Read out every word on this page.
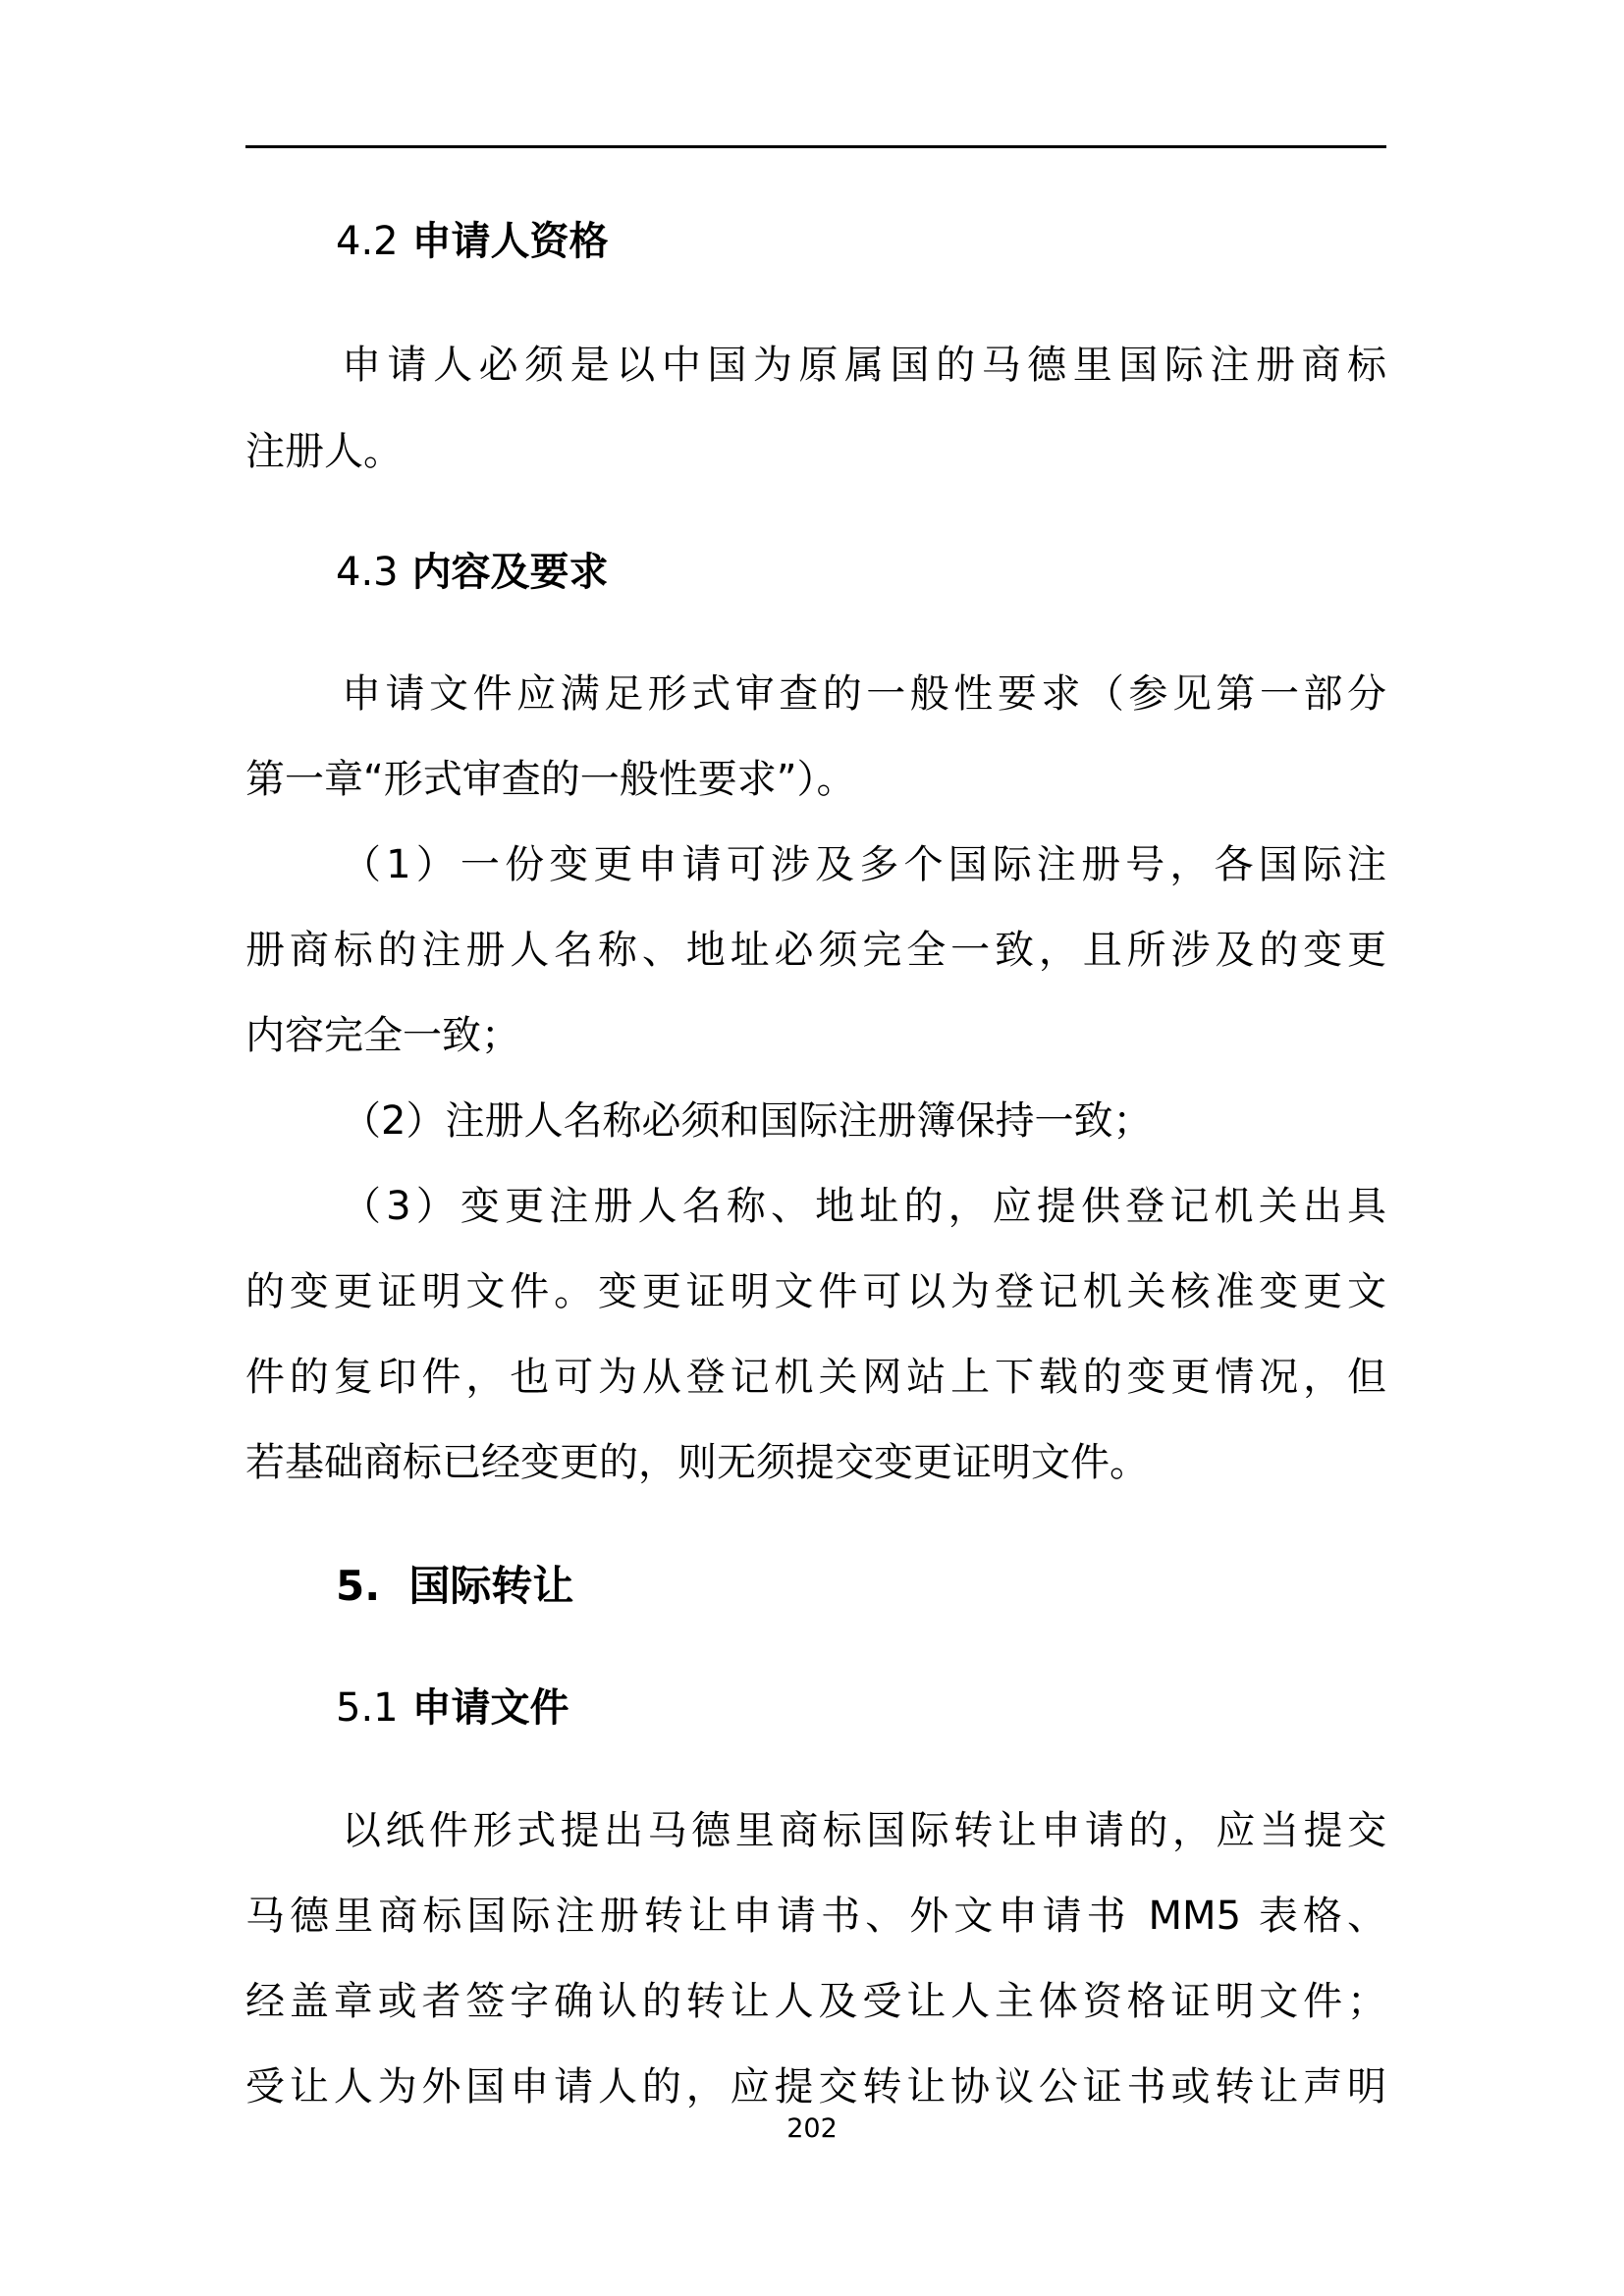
4.2 申请人资格
申请人必须是以中国为原属国的马德里国际注册商标
注册人。
4.3 内容及要求
申请文件应满足形式审查的一般性要求（参见第一部分
第一章“形式审查的一般性要求”）。
（1）一份变更申请可涉及多个国际注册号，各国际注
册商标的注册人名称、地址必须完全一致，且所涉及的变更
内容完全一致；
（2）注册人名称必须和国际注册簿保持一致；
（3）变更注册人名称、地址的，应提供登记机关出具
的变更证明文件。变更证明文件可以为登记机关核准变更文
件的复印件，也可为从登记机关网站上下载的变更情况，但
若基础商标已经变更的，则无须提交变更证明文件。
5.  国际转让
5.1 申请文件
以纸件形式提出马德里商标国际转让申请的，应当提交
马德里商标国际注册转让申请书、外文申请书 MM5 表格、
经盖章或者签字确认的转让人及受让人主体资格证明文件；
受让人为外国申请人的，应提交转让协议公证书或转让声明
202
